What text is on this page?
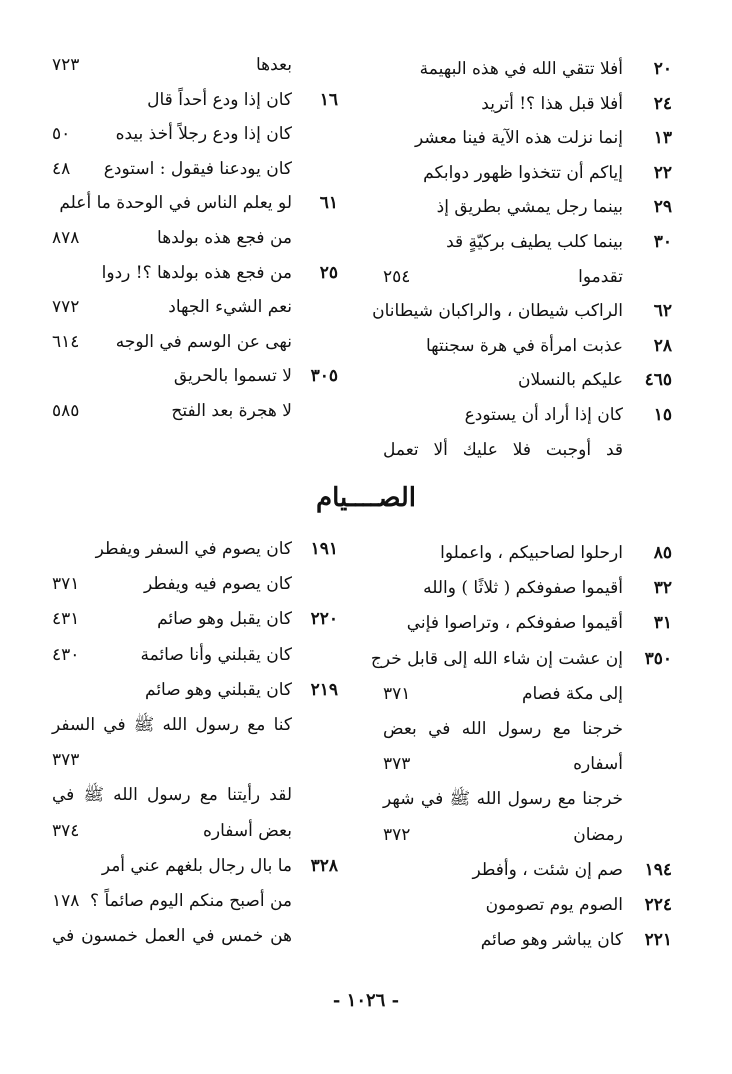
٢٠
أفلا تتقي الله في هذه البهيمة
٢٤
أفلا قبل هذا ؟! أتريد
١٣
إنما نزلت هذه الآية فينا معشر
٢٢
إياكم أن تتخذوا ظهور دوابكم
٢٩
بينما رجل يمشي بطريق إذ
٣٠
بينما كلب يطيف بركيّةٍ قد
تقدموا
٢٥٤
٦٢
الراكب شيطان ، والراكبان شيطانان
٢٨
عذبت امرأة في هرة سجنتها
٤٦٥
عليكم بالنسلان
١٥
كان إذا أراد أن يستودع
قد أوجبت فلا عليك ألا تعمل
بعدها
٧٢٣
١٦
كان إذا ودع أحداً قال
كان إذا ودع رجلاً أخذ بيده
٥٠
كان يودعنا فيقول : استودع
٤٨
٦١
لو يعلم الناس في الوحدة ما أعلم
من فجع هذه بولدها
٨٧٨
٢٥
من فجع هذه بولدها ؟! ردوا
نعم الشيء الجهاد
٧٧٢
نهى عن الوسم في الوجه
٦١٤
٣٠٥
لا تسموا بالحريق
لا هجرة بعد الفتح
٥٨٥
الصــــيام
٨٥
ارحلوا لصاحبيكم ، واعملوا
٣٢
أقيموا صفوفكم ( ثلاثًا ) والله
٣١
أقيموا صفوفكم ، وتراصوا فإني
٣٥٠
إن عشت إن شاء الله إلى قابل خرج
إلى مكة فصام
٣٧١
خرجنا مع رسول الله في بعض
أسفاره
٣٧٣
خرجنا مع رسول الله ﷺ في شهر
رمضان
٣٧٢
١٩٤
صم إن شئت ، وأفطر
٢٢٤
الصوم يوم تصومون
٢٢١
كان يباشر وهو صائم
١٩١
كان يصوم في السفر ويفطر
كان يصوم فيه ويفطر
٣٧١
٢٢٠
كان يقبل وهو صائم
٤٣١
كان يقبلني وأنا صائمة
٤٣٠
٢١٩
كان يقبلني وهو صائم
كنا مع رسول الله ﷺ في السفر
٣٧٣
لقد رأيتنا مع رسول الله ﷺ في
بعض أسفاره
٣٧٤
٣٢٨
ما بال رجال بلغهم عني أمر
من أصبح منكم اليوم صائماً ؟
١٧٨
هن خمس في العمل خمسون في
- ١٠٢٦ -
